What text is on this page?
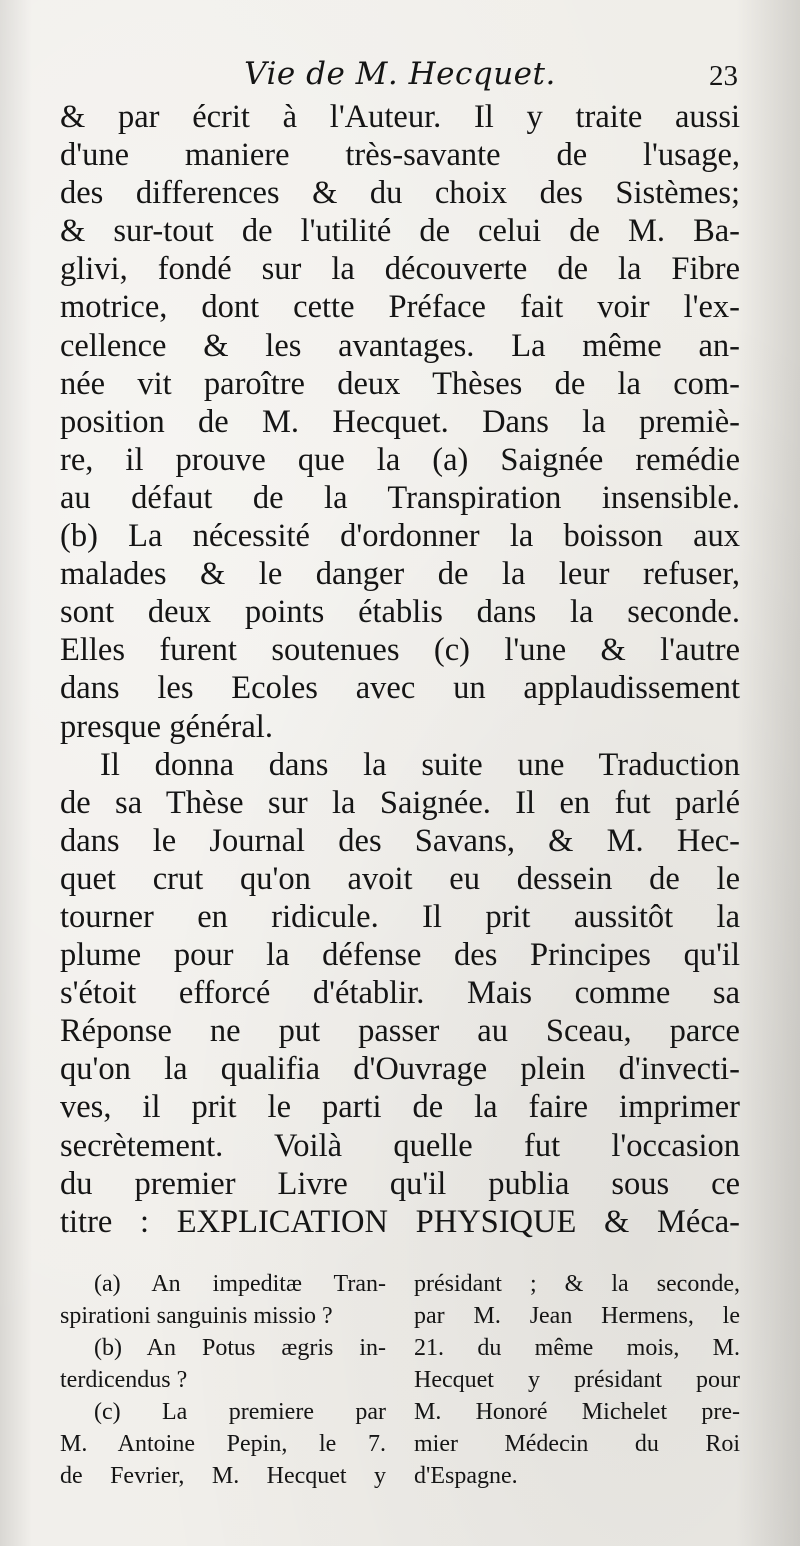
Vie de M. Hecquet.	23
& par écrit à l'Auteur. Il y traite aussi
d'une maniere très-savante de l'usage,
des differences & du choix des Sistèmes;
& sur-tout de l'utilité de celui de M. Ba-
glivi, fondé sur la découverte de la Fibre
motrice, dont cette Préface fait voir l'ex-
cellence & les avantages. La même an-
née vit paroître deux Thèses de la com-
position de M. Hecquet. Dans la premiè-
re, il prouve que la (a) Saignée remédie
au défaut de la Transpiration insensible.
(b) La nécessité d'ordonner la boisson aux
malades & le danger de la leur refuser,
sont deux points établis dans la seconde.
Elles furent soutenues (c) l'une & l'autre
dans les Ecoles avec un applaudissement
presque général.
Il donna dans la suite une Traduction
de sa Thèse sur la Saignée. Il en fut parlé
dans le Journal des Savans, & M. Hec-
quet crut qu'on avoit eu dessein de le
tourner en ridicule. Il prit aussitôt la
plume pour la défense des Principes qu'il
s'étoit efforcé d'établir. Mais comme sa
Réponse ne put passer au Sceau, parce
qu'on la qualifia d'Ouvrage plein d'invecti-
ves, il prit le parti de la faire imprimer
secrètement. Voilà quelle fut l'occasion
du premier Livre qu'il publia sous ce
titre : EXPLICATION PHYSIQUE & Méca-
(a) An impeditæ Tran-
spirationi sanguinis missio ?
(b) An Potus ægris in-
terdicendus ?
(c) La premiere par
M. Antoine Pepin, le 7.
de Fevrier, M. Hecquet y
présidant ; & la seconde,
par M. Jean Hermens, le
21. du même mois, M.
Hecquet y présidant pour
M. Honoré Michelet pre-
mier Médecin du Roi
d'Espagne.
